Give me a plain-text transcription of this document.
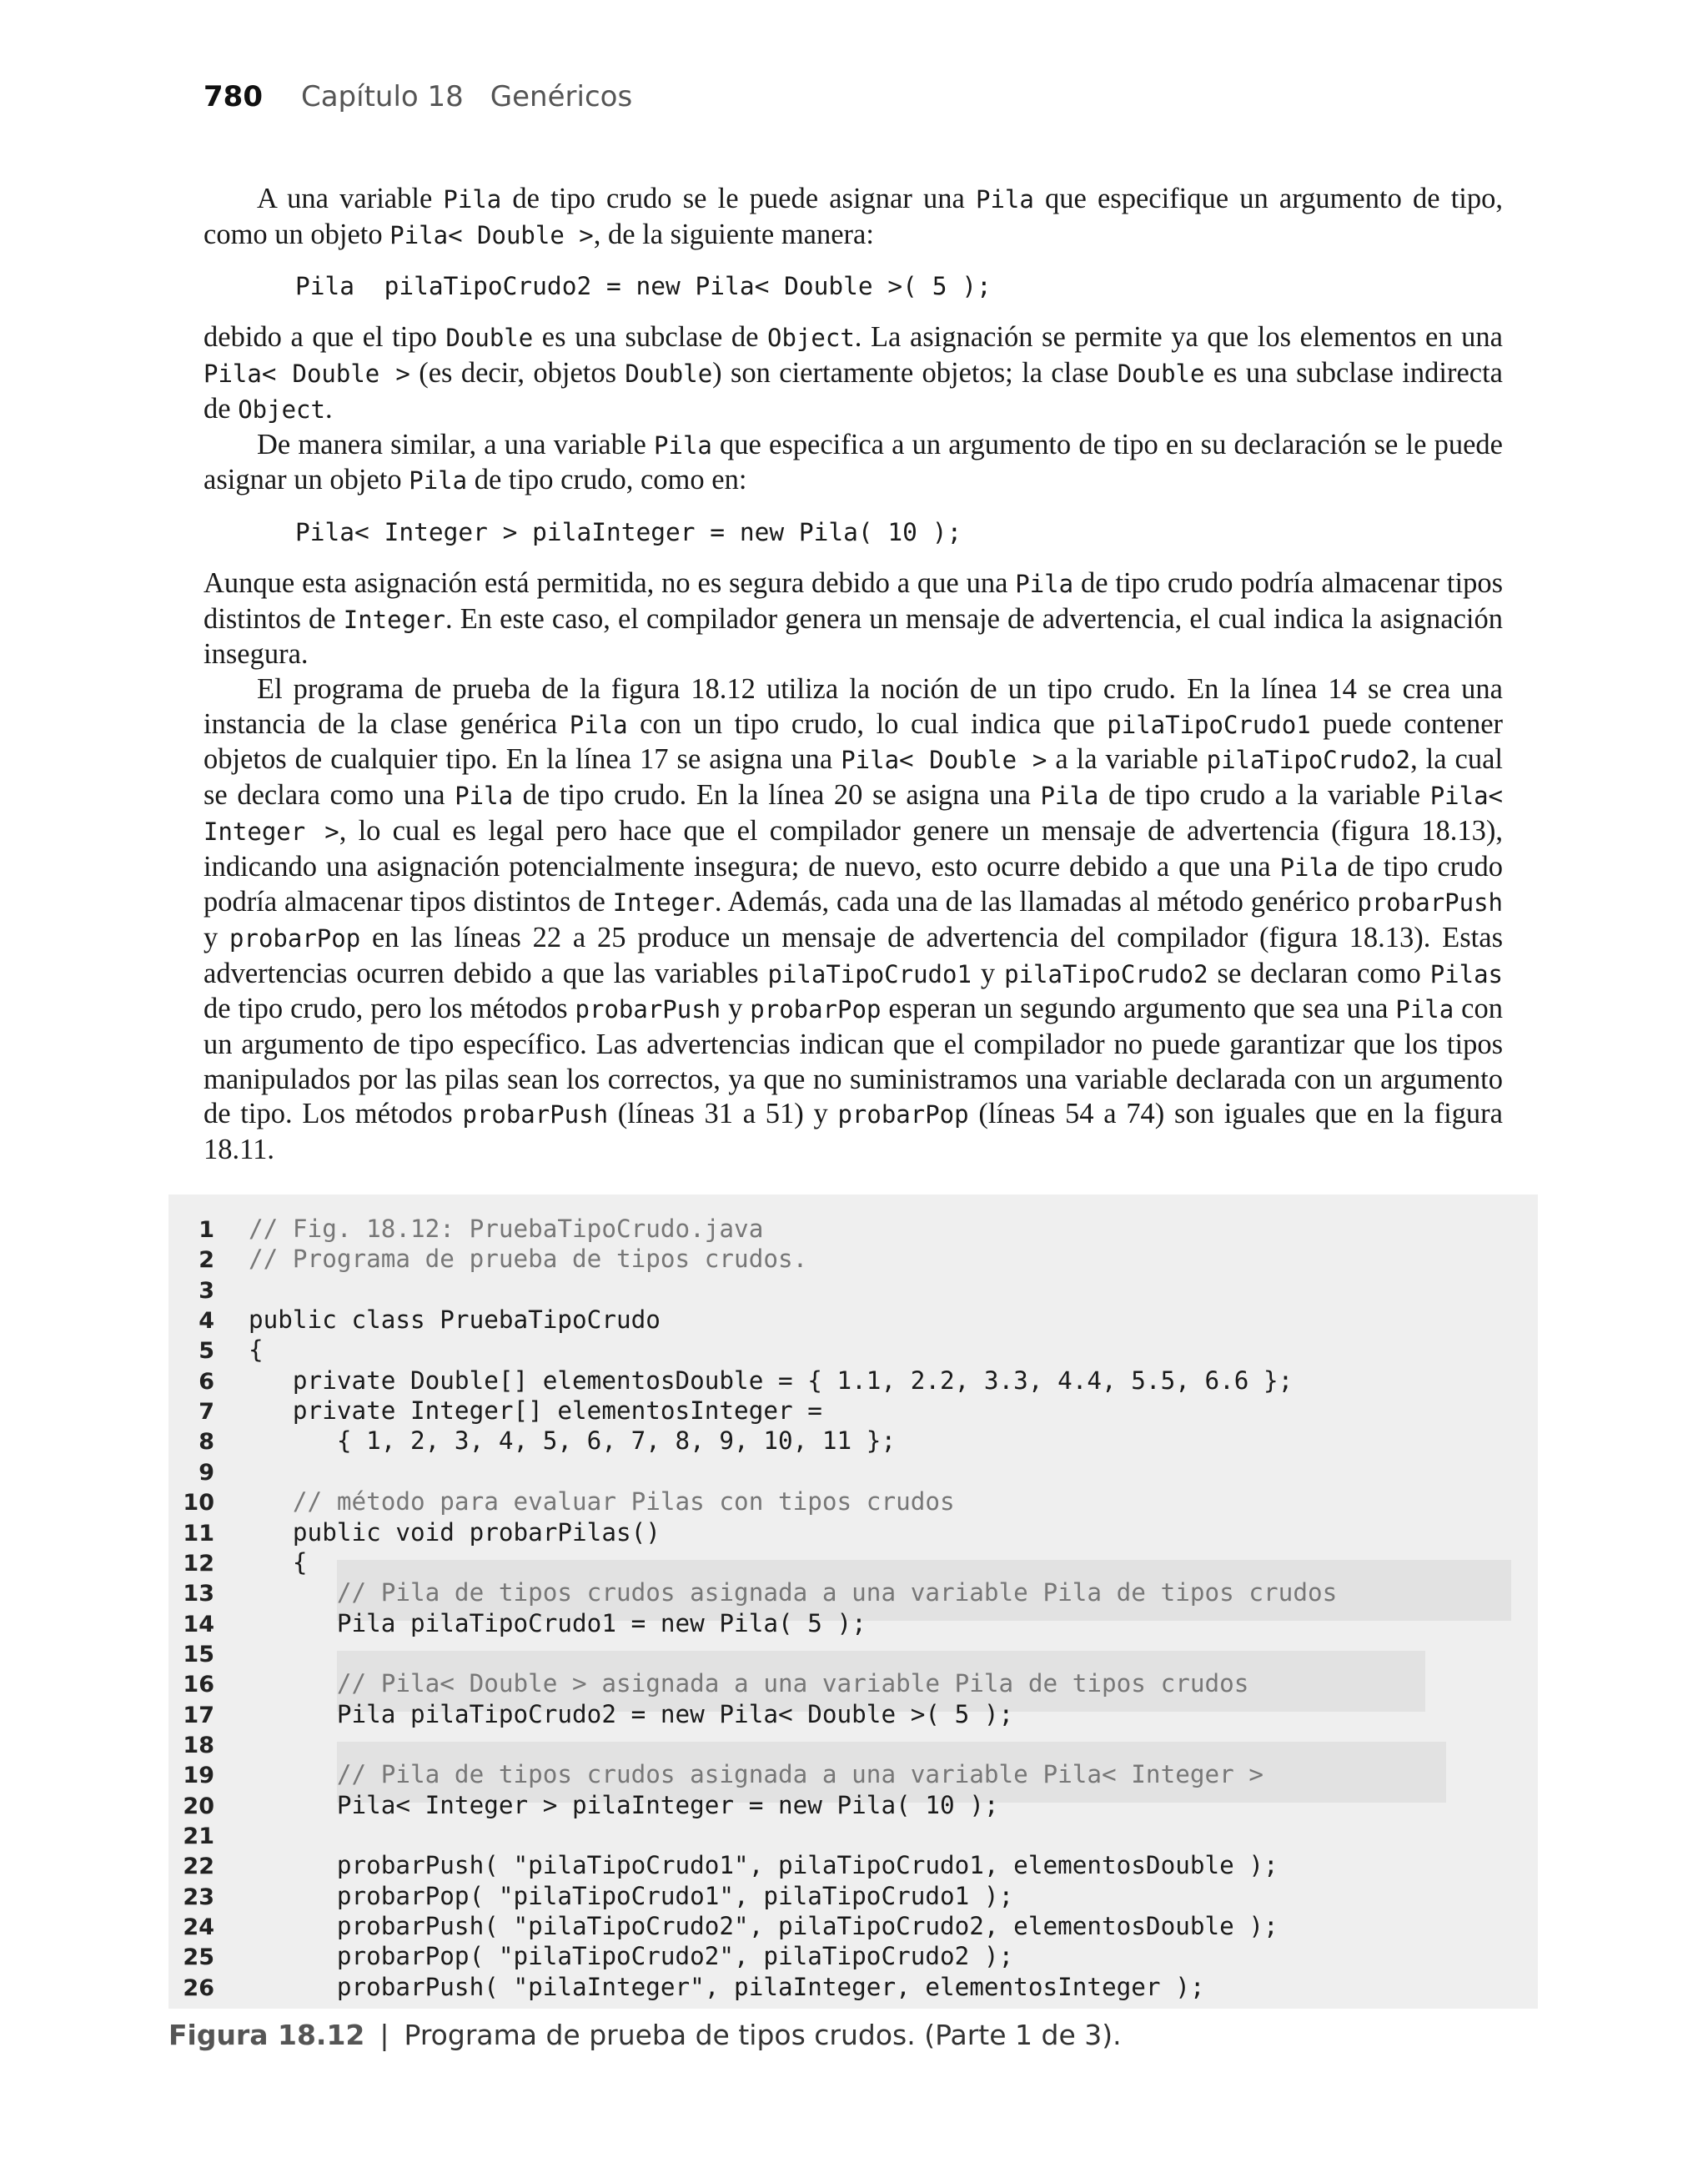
780 Capítulo 18 Genéricos

A una variable Pila de tipo crudo se le puede asignar una Pila que especifique un argumento de tipo, como un objeto Pila< Double >, de la siguiente manera:

Pila  pilaTipoCrudo2 = new Pila< Double >( 5 );

debido a que el tipo Double es una subclase de Object. La asignación se permite ya que los elementos en una Pila< Double > (es decir, objetos Double) son ciertamente objetos; la clase Double es una subclase indirecta de Object.

De manera similar, a una variable Pila que especifica a un argumento de tipo en su declaración se le puede asignar un objeto Pila de tipo crudo, como en:

Pila< Integer > pilaInteger = new Pila( 10 );

Aunque esta asignación está permitida, no es segura debido a que una Pila de tipo crudo podría almacenar tipos distintos de Integer. En este caso, el compilador genera un mensaje de advertencia, el cual indica la asignación insegura.

El programa de prueba de la figura 18.12 utiliza la noción de un tipo crudo. En la línea 14 se crea una instancia de la clase genérica Pila con un tipo crudo, lo cual indica que pilaTipoCrudo1 puede contener objetos de cualquier tipo. En la línea 17 se asigna una Pila< Double > a la variable pilaTipoCrudo2, la cual se declara como una Pila de tipo crudo. En la línea 20 se asigna una Pila de tipo crudo a la variable Pila< Integer >, lo cual es legal pero hace que el compilador genere un mensaje de advertencia (figura 18.13), indicando una asignación potencialmente insegura; de nuevo, esto ocurre debido a que una Pila de tipo crudo podría almacenar tipos distintos de Integer. Además, cada una de las llamadas al método genérico probarPush y probarPop en las líneas 22 a 25 produce un mensaje de advertencia del compilador (figura 18.13). Estas advertencias ocurren debido a que las variables pilaTipoCrudo1 y pilaTipoCrudo2 se declaran como Pilas de tipo crudo, pero los métodos probarPush y probarPop esperan un segundo argumento que sea una Pila con un argumento de tipo específico. Las advertencias indican que el compilador no puede garantizar que los tipos manipulados por las pilas sean los correctos, ya que no suministramos una variable declarada con un argumento de tipo. Los métodos probarPush (líneas 31 a 51) y probarPop (líneas 54 a 74) son iguales que en la figura 18.11.

1 // Fig. 18.12: PruebaTipoCrudo.java
2 // Programa de prueba de tipos crudos.
3
4 public class PruebaTipoCrudo
5 {
6 private Double[] elementosDouble = { 1.1, 2.2, 3.3, 4.4, 5.5, 6.6 };
7 private Integer[] elementosInteger =
8 { 1, 2, 3, 4, 5, 6, 7, 8, 9, 10, 11 };
9
10 // método para evaluar Pilas con tipos crudos
11 public void probarPilas()
12 {
13 // Pila de tipos crudos asignada a una variable Pila de tipos crudos
14 Pila pilaTipoCrudo1 = new Pila( 5 );
15
16 // Pila< Double > asignada a una variable Pila de tipos crudos
17 Pila pilaTipoCrudo2 = new Pila< Double >( 5 );
18
19 // Pila de tipos crudos asignada a una variable Pila< Integer >
20 Pila< Integer > pilaInteger = new Pila( 10 );
21
22 probarPush( "pilaTipoCrudo1", pilaTipoCrudo1, elementosDouble );
23 probarPop( "pilaTipoCrudo1", pilaTipoCrudo1 );
24 probarPush( "pilaTipoCrudo2", pilaTipoCrudo2, elementosDouble );
25 probarPop( "pilaTipoCrudo2", pilaTipoCrudo2 );
26 probarPush( "pilaInteger", pilaInteger, elementosInteger );
Figura 18.12 | Programa de prueba de tipos crudos. (Parte 1 de 3).
